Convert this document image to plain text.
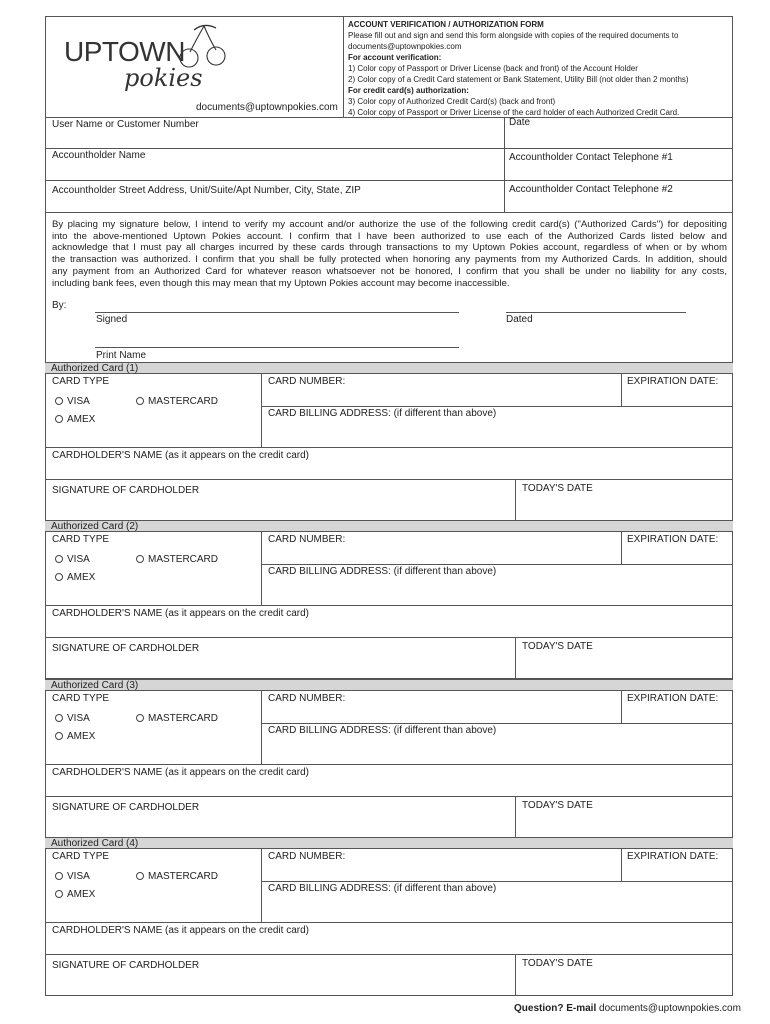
UPTOWN
pokies
documents@uptownpokies.com
ACCOUNT VERIFICATION / AUTHORIZATION FORM
Please fill out and sign and send this form alongside with copies of the required documents to
documents@uptownpokies.com
For account verification:
1) Color copy of Passport or Driver License (back and front) of the Account Holder
2) Color copy of a Credit Card statement or Bank Statement, Utility Bill (not older than 2 months)
For credit card(s) authorization:
3) Color copy of Authorized Credit Card(s) (back and front)
4) Color copy of Passport or Driver License of the card holder of each Authorized Credit Card.
User Name or Customer Number	Date
Accountholder Name	Accountholder Contact Telephone #1
Accountholder Street Address, Unit/Suite/Apt Number, City, State, ZIP	Accountholder Contact Telephone #2
By placing my signature below, I intend to verify my account and/or authorize the use of the following credit card(s) ("Authorized Cards") for depositing
into the above-mentioned Uptown Pokies account. I confirm that I have been authorized to use each of the Authorized Cards listed below and
acknowledge that I must pay all charges incurred by these cards through transactions to my Uptown Pokies account, regardless of when or by whom
the transaction was authorized. I confirm that you shall be fully protected when honoring any payments from my Authorized Cards. In addition, should
any payment from an Authorized Card for whatever reason whatsoever not be honored, I confirm that you shall be under no liability for any costs,
including bank fees, even though this may mean that my Uptown Pokies account may become inaccessible.
By:
Signed	Dated
Print Name
Authorized Card (1)
CARD TYPE
VISA	MASTERCARD
AMEX
CARD NUMBER:	EXPIRATION DATE:
CARD BILLING ADDRESS: (if different than above)
CARDHOLDER'S NAME (as it appears on the credit card)
SIGNATURE OF CARDHOLDER	TODAY'S DATE
Authorized Card (2)
CARD TYPE
VISA	MASTERCARD
AMEX
CARD NUMBER:	EXPIRATION DATE:
CARD BILLING ADDRESS: (if different than above)
CARDHOLDER'S NAME (as it appears on the credit card)
SIGNATURE OF CARDHOLDER	TODAY'S DATE
Authorized Card (3)
CARD TYPE
VISA	MASTERCARD
AMEX
CARD NUMBER:	EXPIRATION DATE:
CARD BILLING ADDRESS: (if different than above)
CARDHOLDER'S NAME (as it appears on the credit card)
SIGNATURE OF CARDHOLDER	TODAY'S DATE
Authorized Card (4)
CARD TYPE
VISA	MASTERCARD
AMEX
CARD NUMBER:	EXPIRATION DATE:
CARD BILLING ADDRESS: (if different than above)
CARDHOLDER'S NAME (as it appears on the credit card)
SIGNATURE OF CARDHOLDER	TODAY'S DATE
Question? E-mail documents@uptownpokies.com
